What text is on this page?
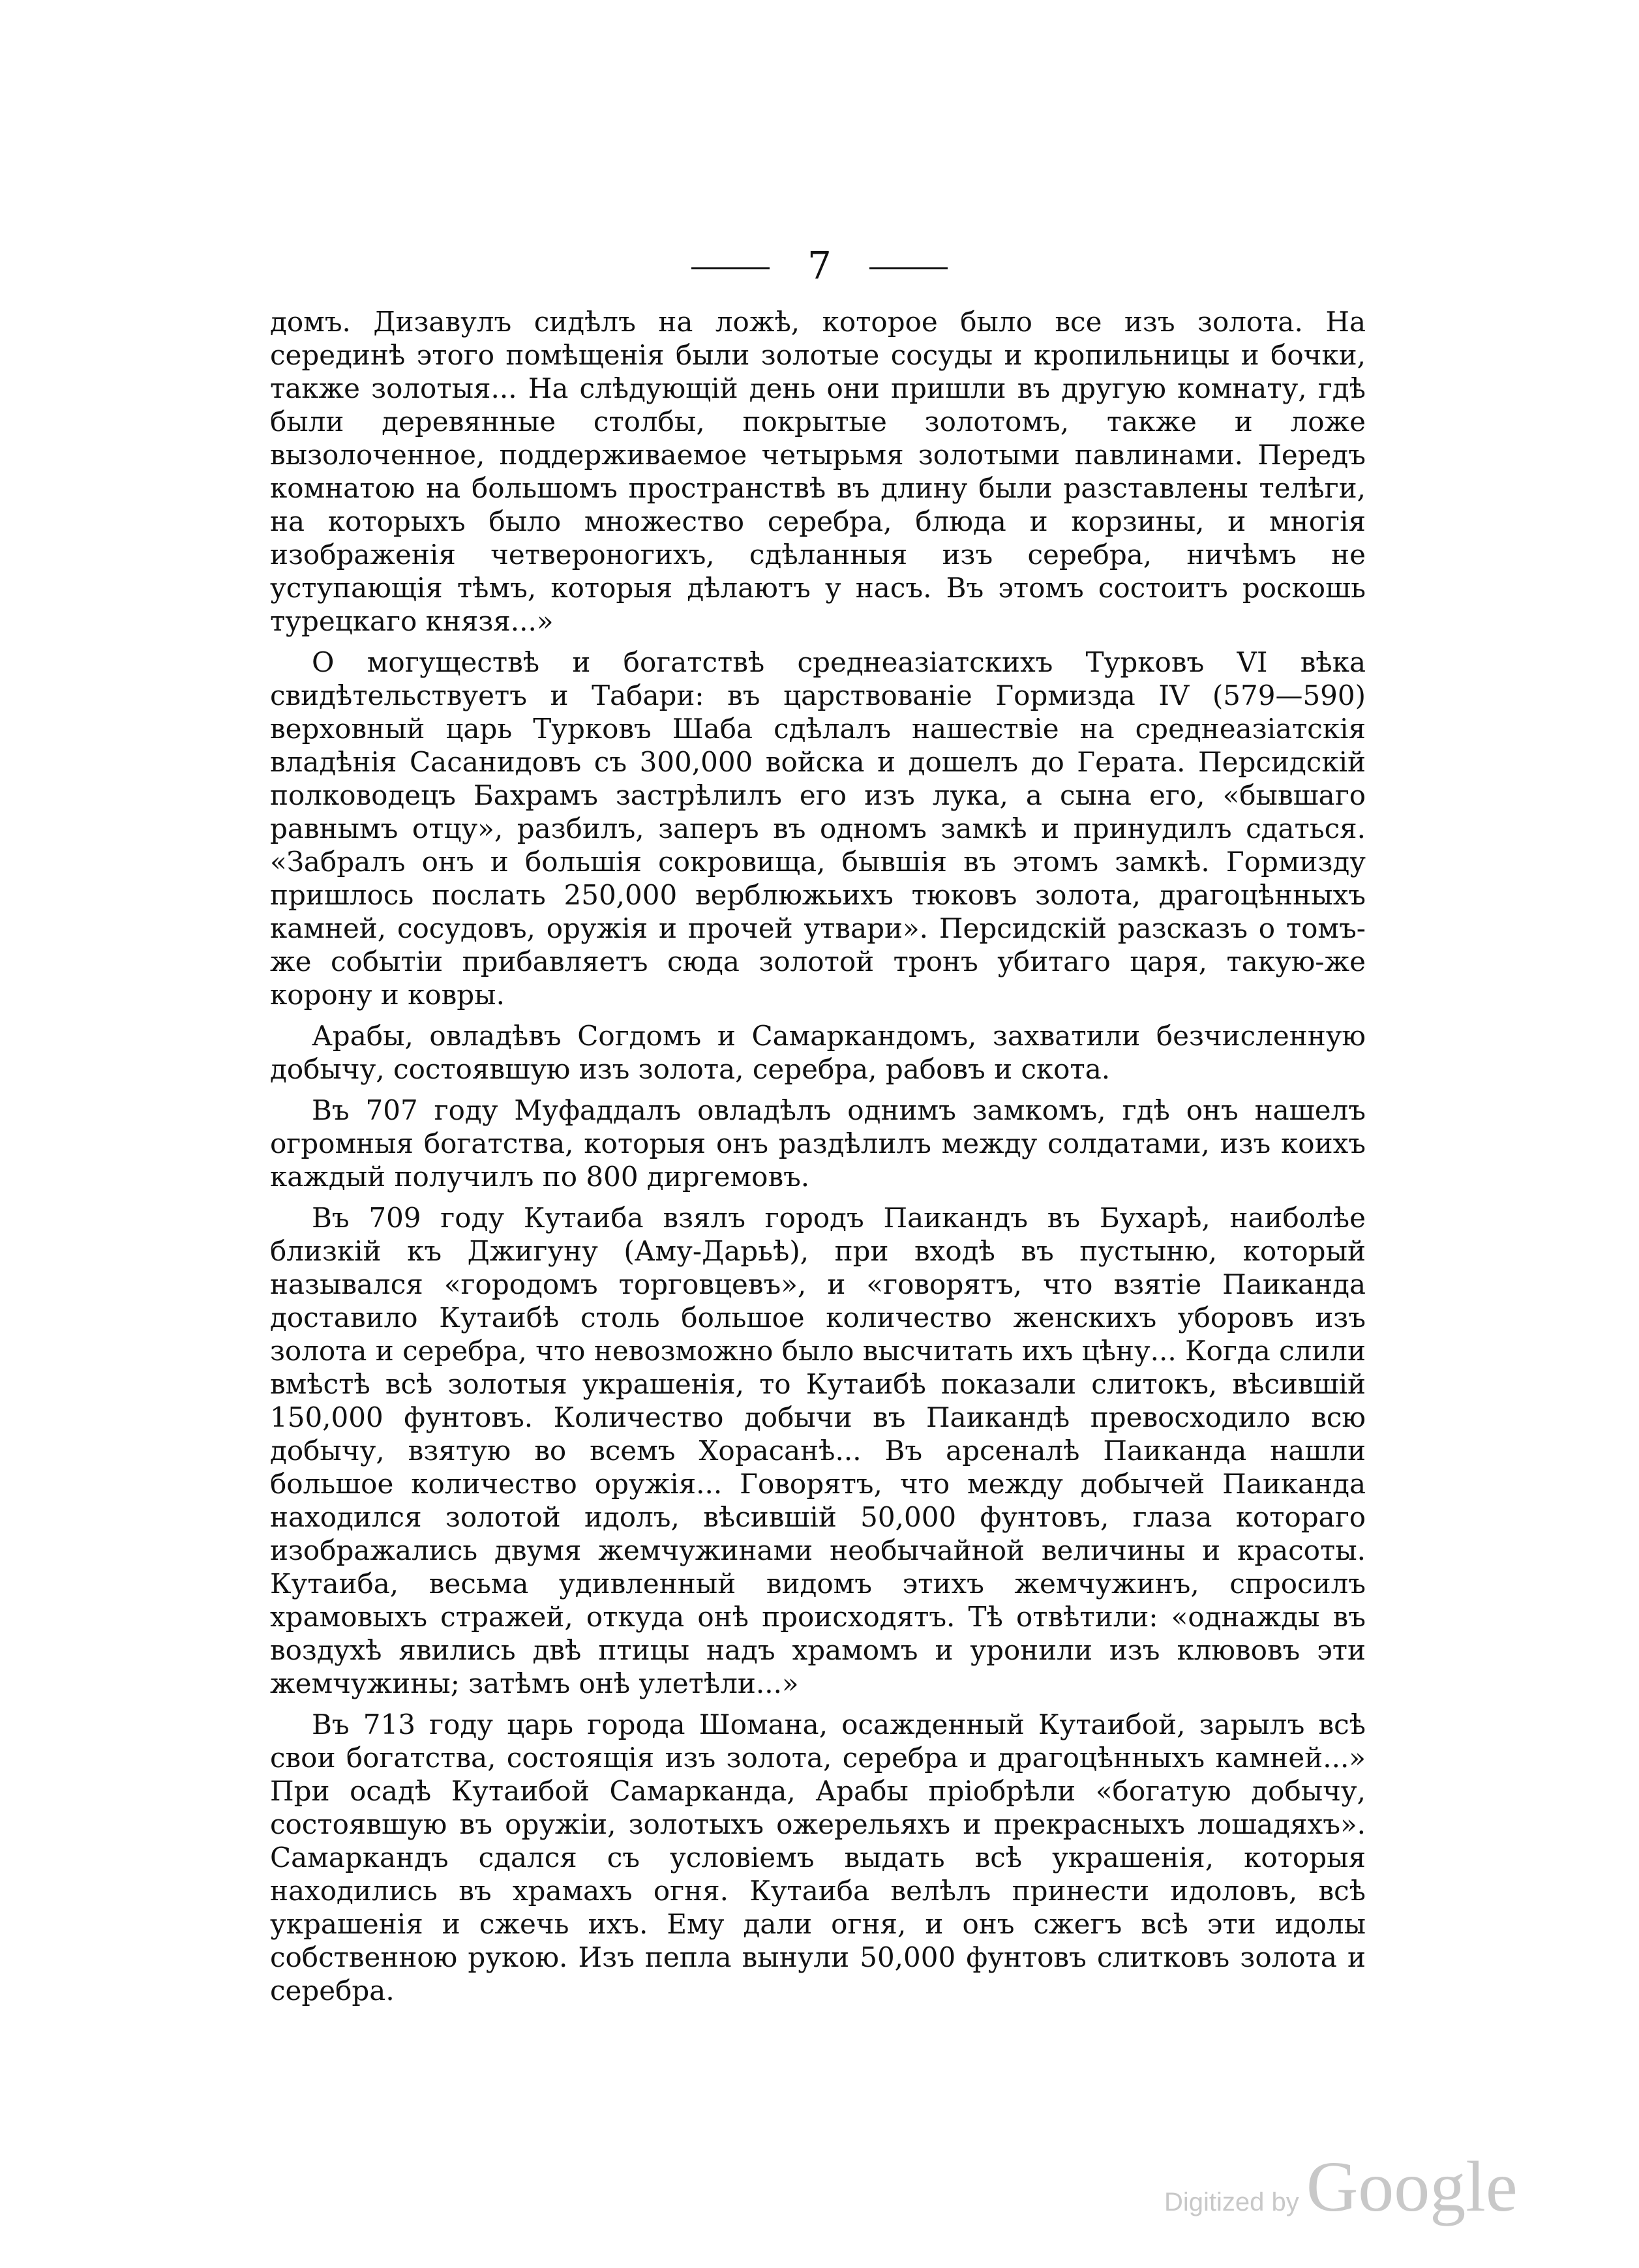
7

домъ. Дизавулъ сидѣлъ на ложѣ, которое было все изъ золота. На серединѣ этого помѣщенія были золотые сосуды и кропильницы и бочки, также золотыя... На слѣдующій день они пришли въ другую комнату, гдѣ были деревянные столбы, покрытые золотомъ, также и ложе вызолоченное, поддерживаемое четырьмя золотыми павлинами. Передъ комнатою на большомъ пространствѣ въ длину были разставлены телѣги, на которыхъ было множество серебра, блюда и корзины, и многія изображенія четвероногихъ, сдѣланныя изъ серебра, ничѣмъ не уступающія тѣмъ, которыя дѣлаютъ у насъ. Въ этомъ состоитъ роскошь турецкаго князя...»

О могуществѣ и богатствѣ среднеазіатскихъ Турковъ VI вѣка свидѣтельствуетъ и Табари: въ царствованіе Гормизда IV (579—590) верховный царь Турковъ Шаба сдѣлалъ нашествіе на среднеазіатскія владѣнія Сасанидовъ съ 300,000 войска и дошелъ до Герата. Персидскій полководецъ Бахрамъ застрѣлилъ его изъ лука, а сына его, «бывшаго равнымъ отцу», разбилъ, заперъ въ одномъ замкѣ и принудилъ сдаться. «Забралъ онъ и большія сокровища, бывшія въ этомъ замкѣ. Гормизду пришлось послать 250,000 верблюжьихъ тюковъ золота, драгоцѣнныхъ камней, сосудовъ, оружія и прочей утвари». Персидскій разсказъ о томъ-же событіи прибавляетъ сюда золотой тронъ убитаго царя, такую-же корону и ковры.

Арабы, овладѣвъ Согдомъ и Самаркандомъ, захватили безчисленную добычу, состоявшую изъ золота, серебра, рабовъ и скота.

Въ 707 году Муфаддалъ овладѣлъ однимъ замкомъ, гдѣ онъ нашелъ огромныя богатства, которыя онъ раздѣлилъ между солдатами, изъ коихъ каждый получилъ по 800 диргемовъ.

Въ 709 году Кутаиба взялъ городъ Паикандъ въ Бухарѣ, наиболѣе близкій къ Джигуну (Аму-Дарьѣ), при входѣ въ пустыню, который назывался «городомъ торговцевъ», и «говорятъ, что взятіе Паиканда доставило Кутаибѣ столь большое количество женскихъ уборовъ изъ золота и серебра, что невозможно было высчитать ихъ цѣну... Когда слили вмѣстѣ всѣ золотыя украшенія, то Кутаибѣ показали слитокъ, вѣсившій 150,000 фунтовъ. Количество добычи въ Паикандѣ превосходило всю добычу, взятую во всемъ Хорасанѣ... Въ арсеналѣ Паиканда нашли большое количество оружія... Говорятъ, что между добычей Паиканда находился золотой идолъ, вѣсившій 50,000 фунтовъ, глаза котораго изображались двумя жемчужинами необычайной величины и красоты. Кутаиба, весьма удивленный видомъ этихъ жемчужинъ, спросилъ храмовыхъ стражей, откуда онѣ происходятъ. Тѣ отвѣтили: «однажды въ воздухѣ явились двѣ птицы надъ храмомъ и уронили изъ клювовъ эти жемчужины; затѣмъ онѣ улетѣли...»

Въ 713 году царь города Шомана, осажденный Кутаибой, зарылъ всѣ свои богатства, состоящія изъ золота, серебра и драгоцѣнныхъ камней...» При осадѣ Кутаибой Самарканда, Арабы пріобрѣли «богатую добычу, состоявшую въ оружіи, золотыхъ ожерельяхъ и прекрасныхъ лошадяхъ». Самаркандъ сдался съ условіемъ выдать всѣ украшенія, которыя находились въ храмахъ огня. Кутаиба велѣлъ принести идоловъ, всѣ украшенія и сжечь ихъ. Ему дали огня, и онъ сжегъ всѣ эти идолы собственною рукою. Изъ пепла вынули 50,000 фунтовъ слитковъ золота и серебра.

Digitized by Google
